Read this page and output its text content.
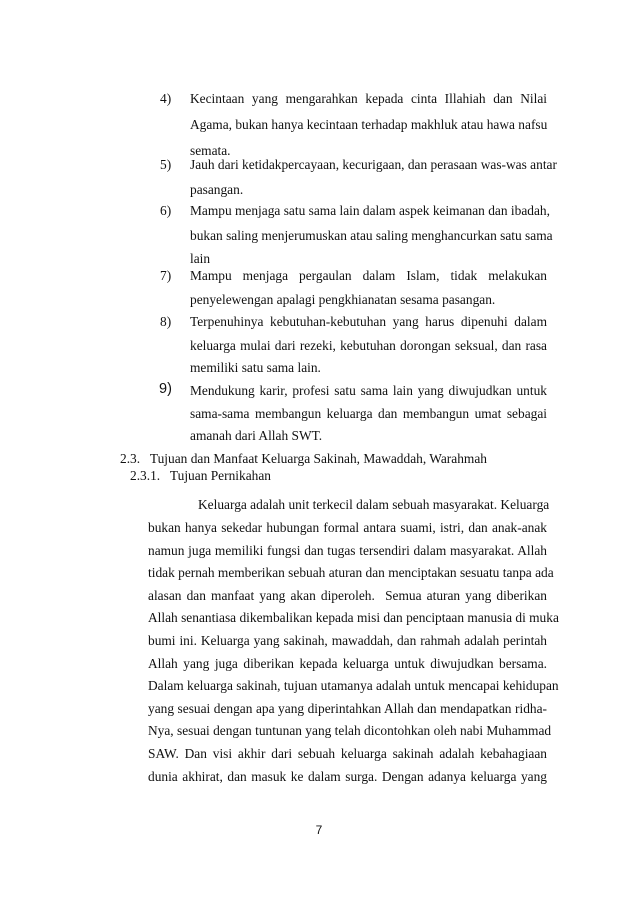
4)	Kecintaan yang mengarahkan kepada cinta Illahiah dan Nilai
Agama, bukan hanya kecintaan terhadap makhluk atau hawa nafsu
semata.
5)	Jauh dari ketidakpercayaan, kecurigaan, dan perasaan was-was antar
pasangan.
6)	Mampu menjaga satu sama lain dalam aspek keimanan dan ibadah,
bukan saling menjerumuskan atau saling menghancurkan satu sama
lain
7)	Mampu menjaga pergaulan dalam Islam, tidak melakukan
penyelewengan apalagi pengkhianatan sesama pasangan.
8)	Terpenuhinya kebutuhan-kebutuhan yang harus dipenuhi dalam
keluarga mulai dari rezeki, kebutuhan dorongan seksual, dan rasa
memiliki satu sama lain.
9)	Mendukung karir, profesi satu sama lain yang diwujudkan untuk
sama-sama membangun keluarga dan membangun umat sebagai
amanah dari Allah SWT.
2.3.   Tujuan dan Manfaat Keluarga Sakinah, Mawaddah, Warahmah
2.3.1.   Tujuan Pernikahan
Keluarga adalah unit terkecil dalam sebuah masyarakat. Keluarga
bukan hanya sekedar hubungan formal antara suami, istri, dan anak-anak
namun juga memiliki fungsi dan tugas tersendiri dalam masyarakat. Allah
tidak pernah memberikan sebuah aturan dan menciptakan sesuatu tanpa ada
alasan dan manfaat yang akan diperoleh.  Semua aturan yang diberikan
Allah senantiasa dikembalikan kepada misi dan penciptaan manusia di muka
bumi ini. Keluarga yang sakinah, mawaddah, dan rahmah adalah perintah
Allah yang juga diberikan kepada keluarga untuk diwujudkan bersama.
Dalam keluarga sakinah, tujuan utamanya adalah untuk mencapai kehidupan
yang sesuai dengan apa yang diperintahkan Allah dan mendapatkan ridha-
Nya, sesuai dengan tuntunan yang telah dicontohkan oleh nabi Muhammad
SAW. Dan visi akhir dari sebuah keluarga sakinah adalah kebahagiaan
dunia akhirat, dan masuk ke dalam surga. Dengan adanya keluarga yang
7
